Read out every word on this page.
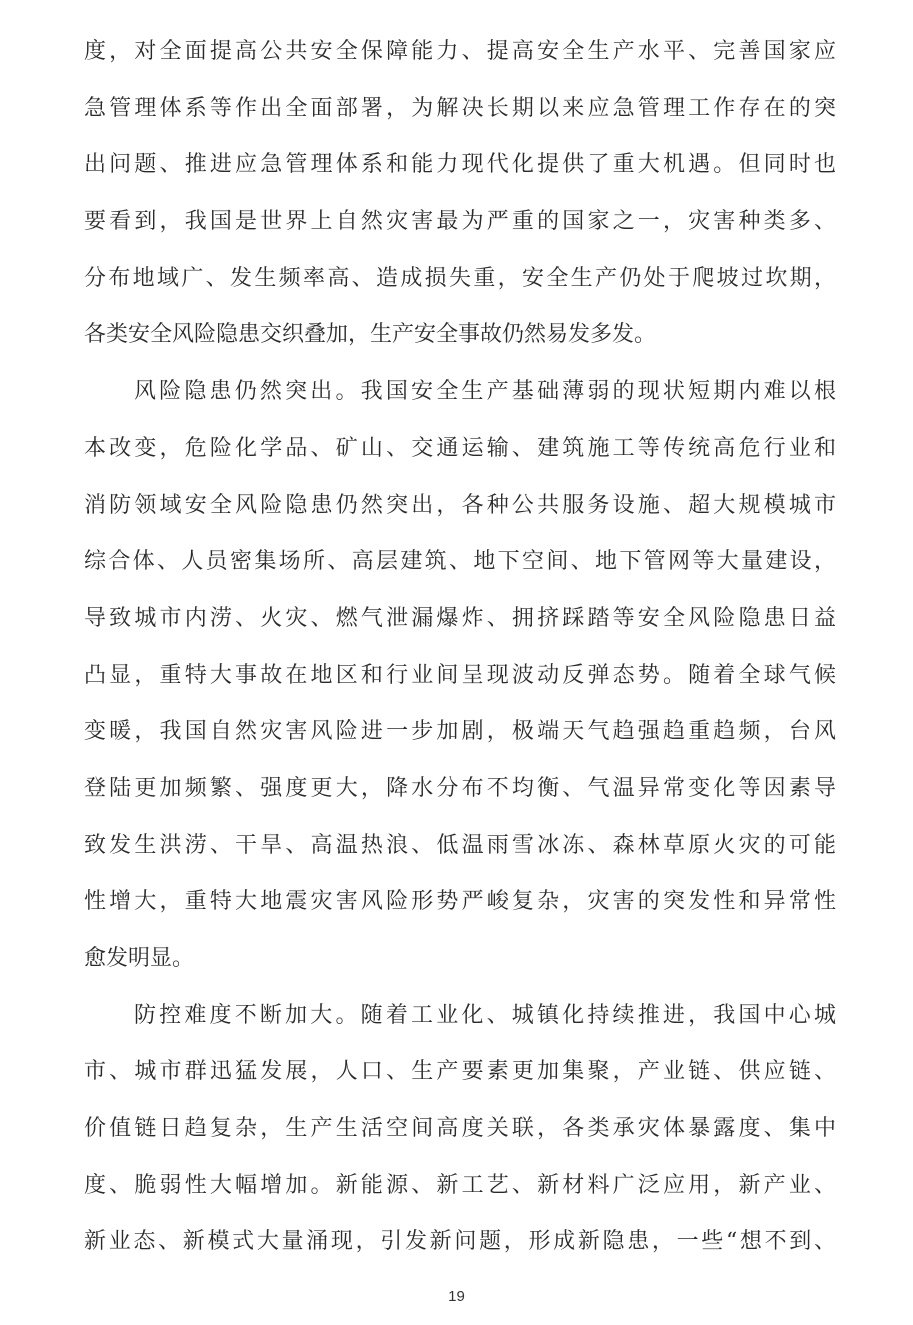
度，对全面提高公共安全保障能力、提高安全生产水平、完善国家应
急管理体系等作出全面部署，为解决长期以来应急管理工作存在的突
出问题、推进应急管理体系和能力现代化提供了重大机遇。但同时也
要看到，我国是世界上自然灾害最为严重的国家之一，灾害种类多、
分布地域广、发生频率高、造成损失重，安全生产仍处于爬坡过坎期，
各类安全风险隐患交织叠加，生产安全事故仍然易发多发。
风险隐患仍然突出。我国安全生产基础薄弱的现状短期内难以根
本改变，危险化学品、矿山、交通运输、建筑施工等传统高危行业和
消防领域安全风险隐患仍然突出，各种公共服务设施、超大规模城市
综合体、人员密集场所、高层建筑、地下空间、地下管网等大量建设，
导致城市内涝、火灾、燃气泄漏爆炸、拥挤踩踏等安全风险隐患日益
凸显，重特大事故在地区和行业间呈现波动反弹态势。随着全球气候
变暖，我国自然灾害风险进一步加剧，极端天气趋强趋重趋频，台风
登陆更加频繁、强度更大，降水分布不均衡、气温异常变化等因素导
致发生洪涝、干旱、高温热浪、低温雨雪冰冻、森林草原火灾的可能
性增大，重特大地震灾害风险形势严峻复杂，灾害的突发性和异常性
愈发明显。
防控难度不断加大。随着工业化、城镇化持续推进，我国中心城
市、城市群迅猛发展，人口、生产要素更加集聚，产业链、供应链、
价值链日趋复杂，生产生活空间高度关联，各类承灾体暴露度、集中
度、脆弱性大幅增加。新能源、新工艺、新材料广泛应用，新产业、
新业态、新模式大量涌现，引发新问题，形成新隐患，一些“想不到、
19
